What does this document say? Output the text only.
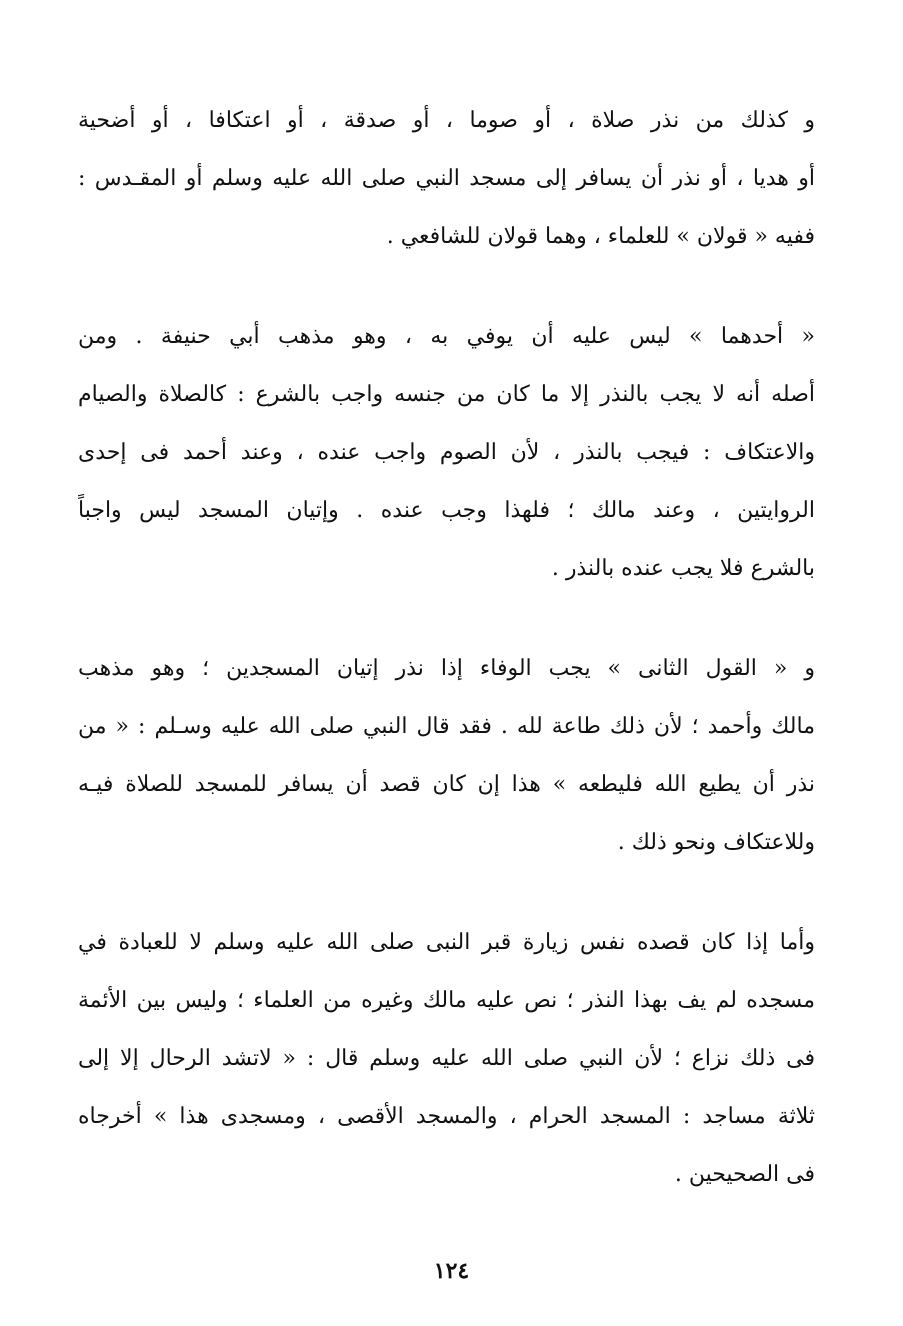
و كذلك من نذر صلاة ، أو صوما ، أو صدقة ، أو اعتكافا ، أو أضحية
أو هديا ، أو نذر أن يسافر إلى مسجد النبي صلى الله عليه وسلم أو المقـدس :
ففيه « قولان » للعلماء ، وهما قولان للشافعي .
« أحدهما » ليس عليه أن يوفي به ، وهو مذهب أبي حنيفة . ومن
أصله أنه لا يجب بالنذر إلا ما كان من جنسه واجب بالشرع : كالصلاة والصيام
والاعتكاف : فيجب بالنذر ، لأن الصوم واجب عنده ، وعند أحمد فى إحدى
الروايتين ، وعند مالك ؛ فلهذا وجب عنده . وإتيان المسجد ليس واجباً
بالشرع فلا يجب عنده بالنذر .
و « القول الثانى » يجب الوفاء إذا نذر إتيان المسجدين ؛ وهو مذهب
مالك وأحمد ؛ لأن ذلك طاعة لله . فقد قال النبي صلى الله عليه وسـلم : « من
نذر أن يطيع الله فليطعه » هذا إن كان قصد أن يسافر للمسجد للصلاة فيـه
وللاعتكاف ونحو ذلك .
وأما إذا كان قصده نفس زيارة قبر النبى صلى الله عليه وسلم لا للعبادة في
مسجده لم يف بهذا النذر ؛ نص عليه مالك وغيره من العلماء ؛ وليس بين الأئمة
فى ذلك نزاع ؛ لأن النبي صلى الله عليه وسلم قال : « لاتشد الرحال إلا إلى
ثلاثة مساجد : المسجد الحرام ، والمسجد الأقصى ، ومسجدى هذا » أخرجاه
فى الصحيحين .
١٢٤
